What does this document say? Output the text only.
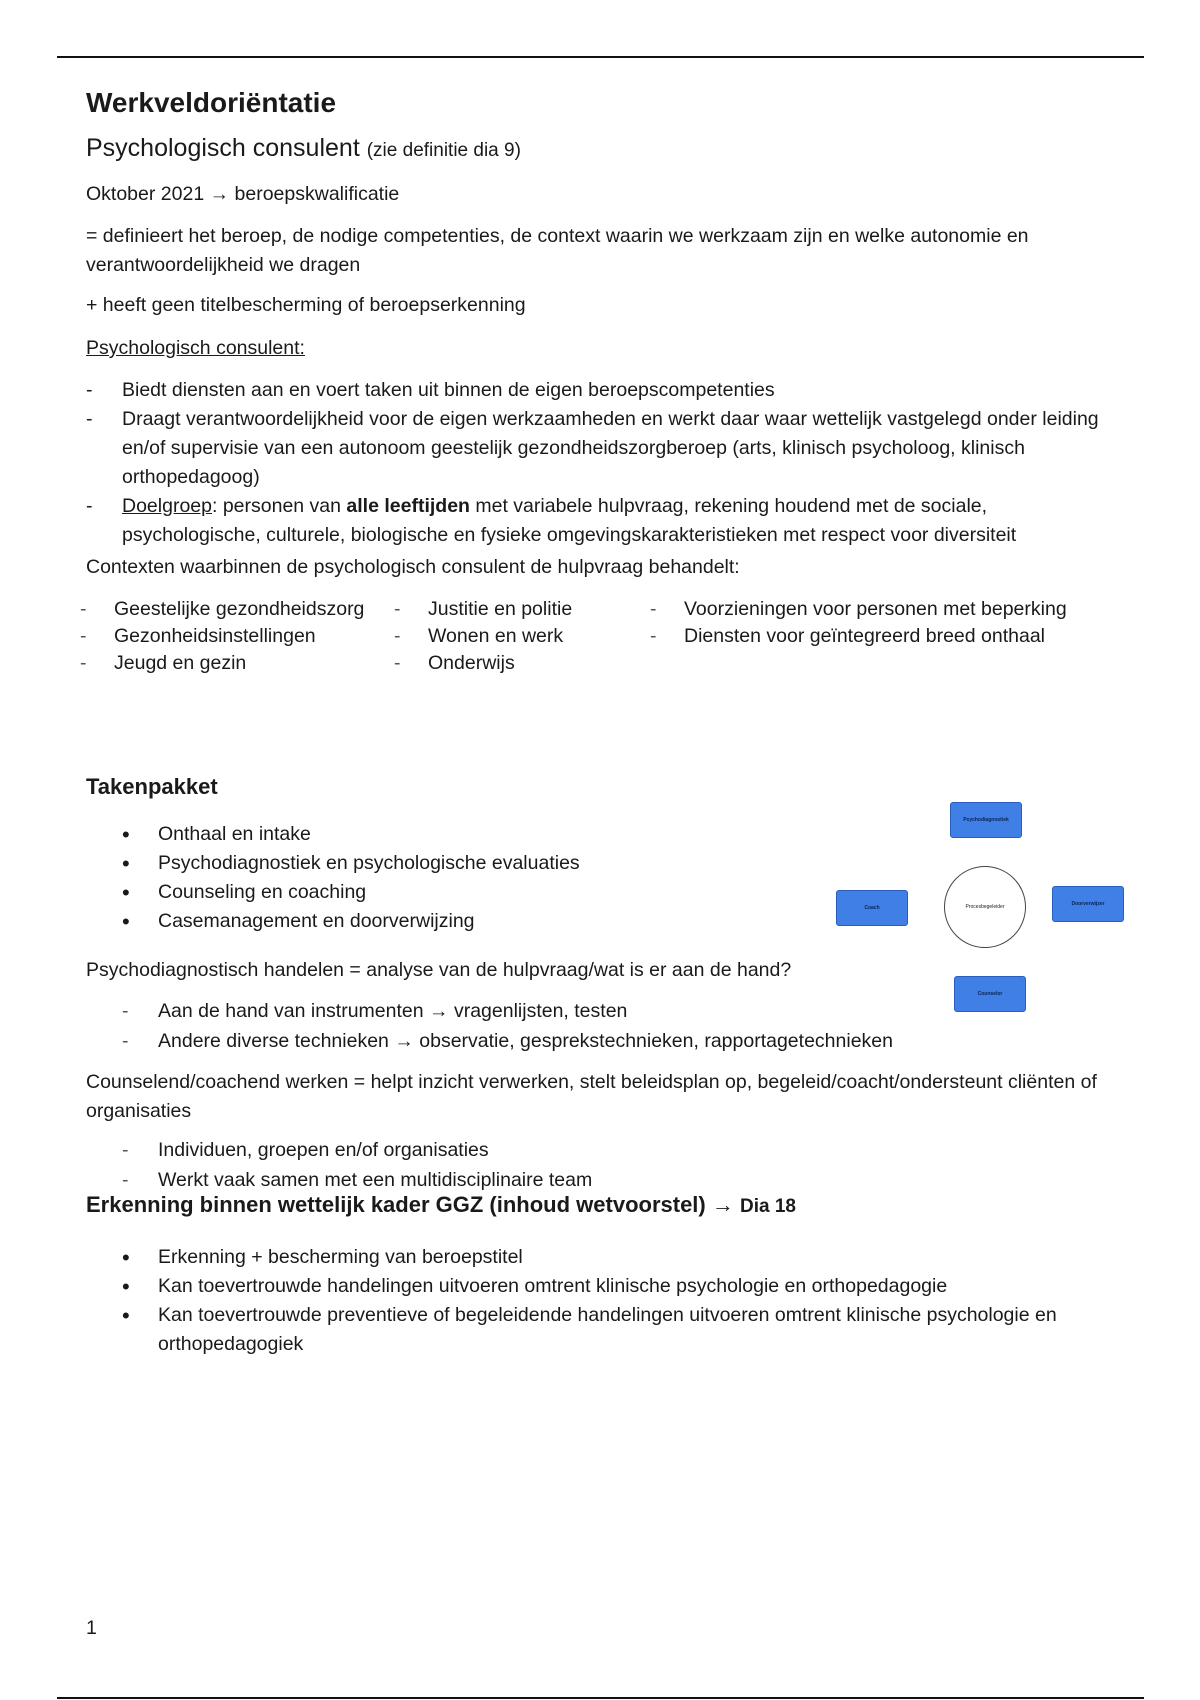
Werkveldoriëntatie
Psychologisch consulent (zie definitie dia 9)

Oktober 2021 → beroepskwalificatie

= definieert het beroep, de nodige competenties, de context waarin we werkzaam zijn en welke autonomie en verantwoordelijkheid we dragen

+ heeft geen titelbescherming of beroepserkenning

Psychologisch consulent:

- Biedt diensten aan en voert taken uit binnen de eigen beroepscompetenties
- Draagt verantwoordelijkheid voor de eigen werkzaamheden en werkt daar waar wettelijk vastgelegd onder leiding en/of supervisie van een autonoom geestelijk gezondheidszorgberoep (arts, klinisch psycholoog, klinisch orthopedagoog)
- Doelgroep: personen van alle leeftijden met variabele hulpvraag, rekening houdend met de sociale, psychologische, culturele, biologische en fysieke omgevingskarakteristieken met respect voor diversiteit

Contexten waarbinnen de psychologisch consulent de hulpvraag behandelt:

- Geestelijke gezondheidszorg
- Gezonheidsinstellingen
- Jeugd en gezin
- Justitie en politie
- Wonen en werk
- Onderwijs
- Voorzieningen voor personen met beperking
- Diensten voor geïntegreerd breed onthaal
Takenpakket
• Onthaal en intake
• Psychodiagnostiek en psychologische evaluaties
• Counseling en coaching
• Casemanagement en doorverwijzing

Psychodiagnostisch handelen = analyse van de hulpvraag/wat is er aan de hand?

- Aan de hand van instrumenten → vragenlijsten, testen
- Andere diverse technieken → observatie, gesprekstechnieken, rapportagetechnieken

Counselend/coachend werken = helpt inzicht verwerken, stelt beleidsplan op, begeleid/coacht/ondersteunt cliënten of organisaties

- Individuen, groepen en/of organisaties
- Werkt vaak samen met een multidisciplinaire team
Erkenning binnen wettelijk kader GGZ (inhoud wetvoorstel) → Dia 18
• Erkenning + bescherming van beroepstitel
• Kan toevertrouwde handelingen uitvoeren omtrent klinische psychologie en orthopedagogie
• Kan toevertrouwde preventieve of begeleidende handelingen uitvoeren omtrent klinische psychologie en orthopedagogiek
Psychodiagnostiek
Coach	Procesbegeleider	Doorverwijzer
Counselor
1
